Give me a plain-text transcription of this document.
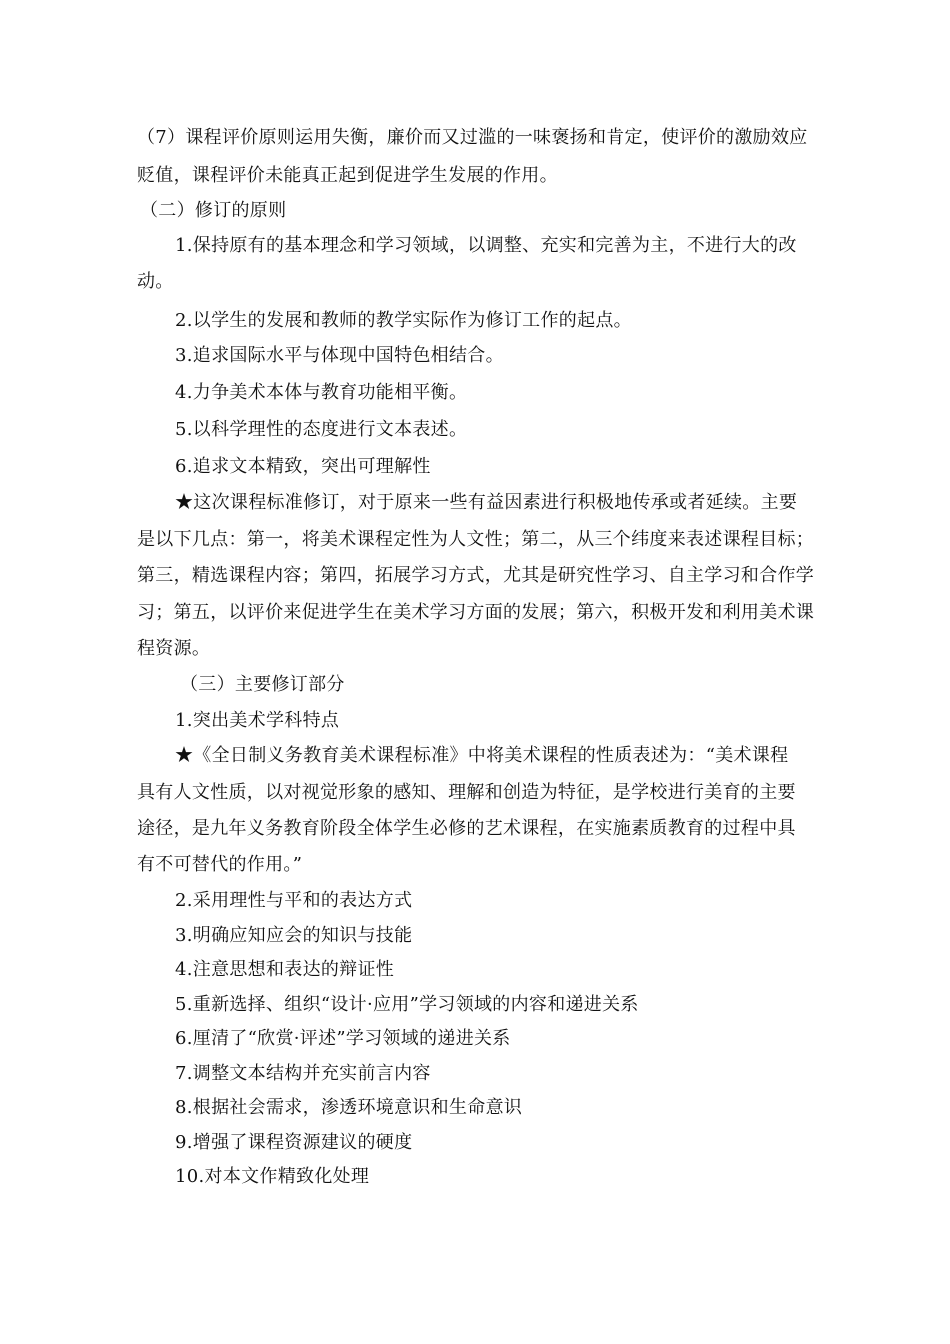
（7）课程评价原则运用失衡，廉价而又过滥的一味褒扬和肯定，使评价的激励效应
贬值，课程评价未能真正起到促进学生发展的作用。
（二）修订的原则
1.保持原有的基本理念和学习领域，以调整、充实和完善为主，不进行大的改
动。
2.以学生的发展和教师的教学实际作为修订工作的起点。
3.追求国际水平与体现中国特色相结合。
4.力争美术本体与教育功能相平衡。
5.以科学理性的态度进行文本表述。
6.追求文本精致，突出可理解性
★这次课程标准修订，对于原来一些有益因素进行积极地传承或者延续。主要
是以下几点：第一，将美术课程定性为人文性；第二，从三个纬度来表述课程目标；
第三，精选课程内容；第四，拓展学习方式，尤其是研究性学习、自主学习和合作学
习；第五，以评价来促进学生在美术学习方面的发展；第六，积极开发和利用美术课
程资源。
（三）主要修订部分
1.突出美术学科特点
★《全日制义务教育美术课程标准》中将美术课程的性质表述为：“美术课程
具有人文性质，以对视觉形象的感知、理解和创造为特征，是学校进行美育的主要
途径，是九年义务教育阶段全体学生必修的艺术课程，在实施素质教育的过程中具
有不可替代的作用。”
2.采用理性与平和的表达方式
3.明确应知应会的知识与技能
4.注意思想和表达的辩证性
5.重新选择、组织“设计·应用”学习领域的内容和递进关系
6.厘清了“欣赏·评述”学习领域的递进关系
7.调整文本结构并充实前言内容
8.根据社会需求，渗透环境意识和生命意识
9.增强了课程资源建议的硬度
10.对本文作精致化处理
